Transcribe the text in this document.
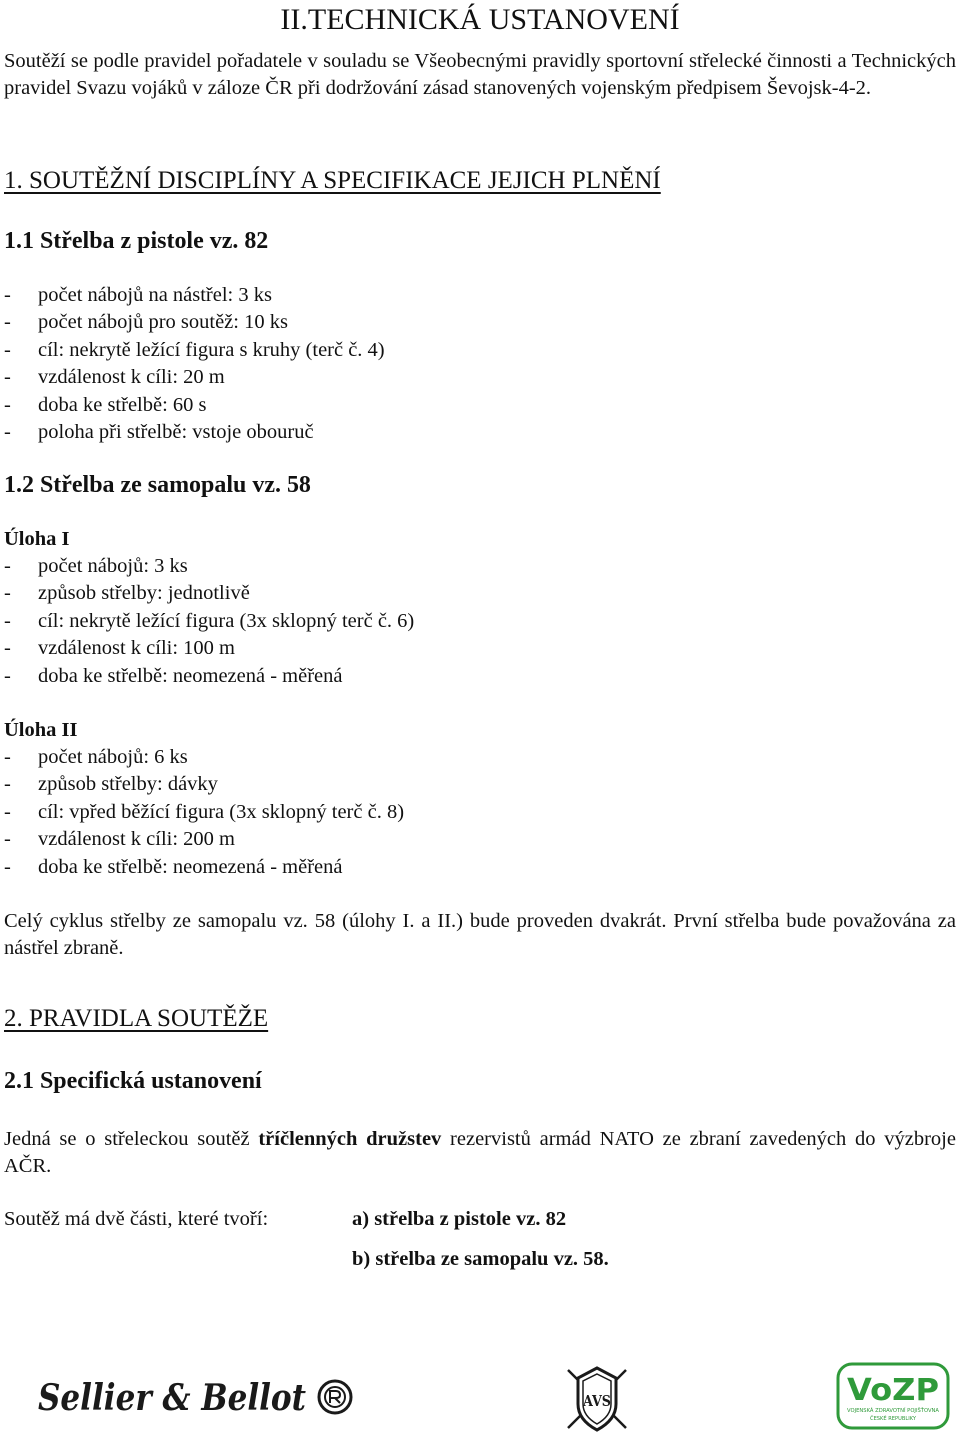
II.TECHNICKÁ USTANOVENÍ

Soutěží se podle pravidel pořadatele v souladu se Všeobecnými pravidly sportovní střelecké činnosti a Technických pravidel Svazu vojáků v záloze ČR při dodržování zásad stanovených vojenským předpisem Ševojsk-4-2.

1. SOUTĚŽNÍ DISCIPLÍNY A SPECIFIKACE JEJICH PLNĚNÍ
1.1 Střelba z pistole vz. 82
-	počet nábojů na nástřel: 3 ks
-	počet nábojů pro soutěž: 10 ks
-	cíl: nekrytě ležící figura s kruhy (terč č. 4)
-	vzdálenost k cíli: 20 m
-	doba ke střelbě: 60 s
-	poloha při střelbě: vstoje obouruč
1.2 Střelba ze samopalu vz. 58
Úloha I
-	počet nábojů: 3 ks
-	způsob střelby: jednotlivě
-	cíl: nekrytě ležící figura (3x sklopný terč č. 6)
-	vzdálenost k cíli: 100 m
-	doba ke střelbě: neomezená - měřená
Úloha II
-	počet nábojů: 6 ks
-	způsob střelby: dávky
-	cíl: vpřed běžící figura (3x sklopný terč č. 8)
-	vzdálenost k cíli: 200 m
-	doba ke střelbě: neomezená - měřená

Celý cyklus střelby ze samopalu vz. 58 (úlohy I. a II.) bude proveden dvakrát. První střelba bude považována za nástřel zbraně.

2. PRAVIDLA SOUTĚŽE
2.1 Specifická ustanovení

Jedná se o střeleckou soutěž tříčlenných družstev rezervistů armád NATO ze zbraní zavedených do výzbroje AČR.

Soutěž má dvě části, které tvoří:	a) střelba z pistole vz. 82
b) střelba ze samopalu vz. 58.
Sellier & Bellot	AVS	VoZP
VOJENSKÁ ZDRAVOTNÍ POJIŠŤOVNA
ČESKÉ REPUBLIKY
